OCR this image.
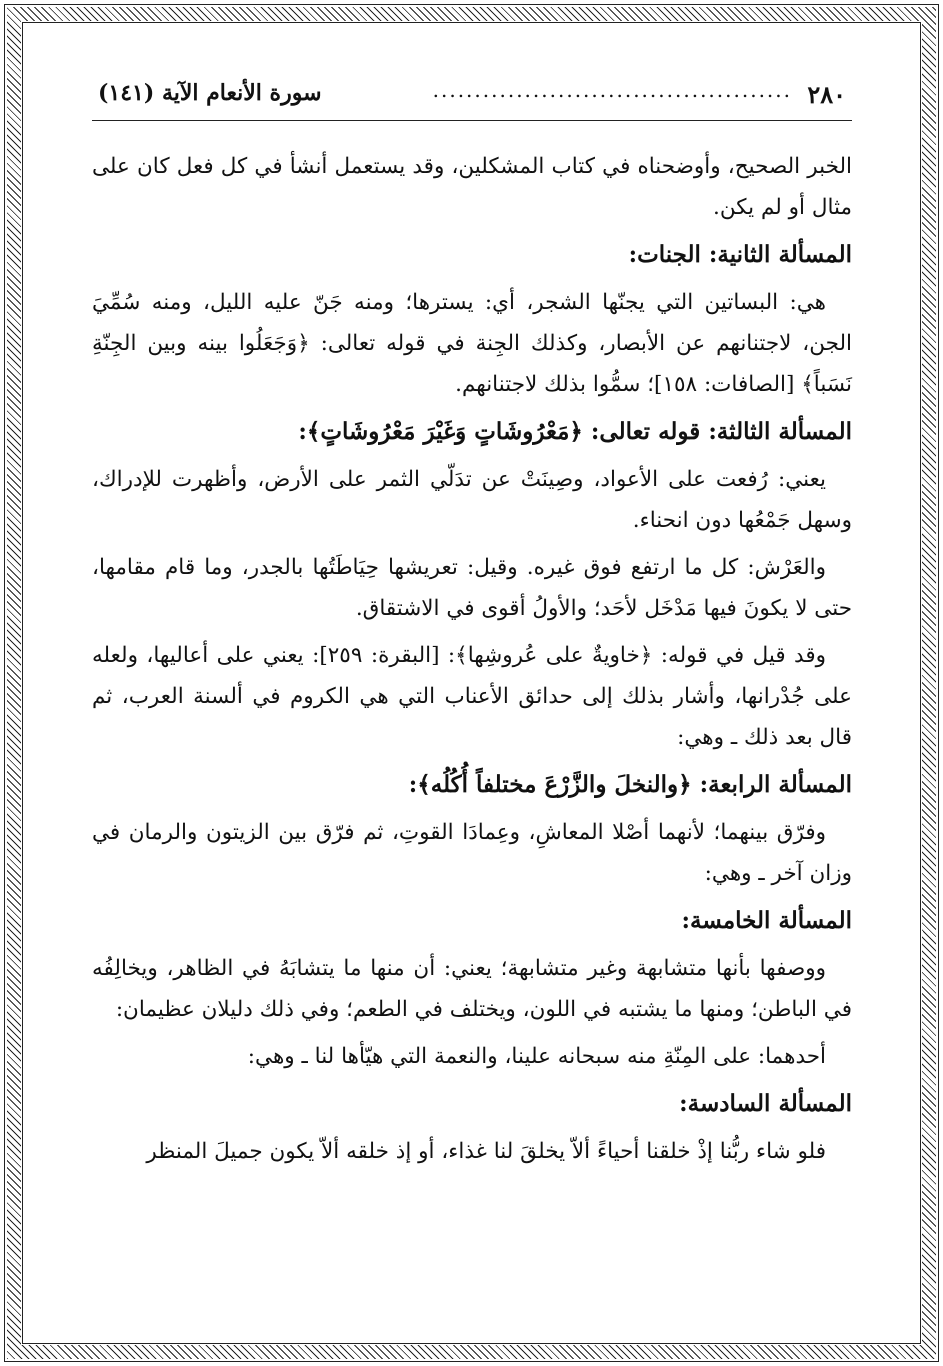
٢٨٠
...........................................
سورة الأنعام الآية (١٤١)

الخبر الصحيح، وأوضحناه في كتاب المشكلين، وقد يستعمل أنشأ في كل فعل كان على مثال أو لم يكن.

المسألة الثانية: الجنات:

هي: البساتين التي يجنّها الشجر، أي: يسترها؛ ومنه جَنّ عليه الليل، ومنه سُمِّيَ الجن، لاجتنانهم عن الأبصار، وكذلك الجِنة في قوله تعالى: ﴿وَجَعَلُوا بينه وبين الجِنّةِ نَسَباً﴾ [الصافات: ١٥٨]؛ سمُّوا بذلك لاجتنانهم.

المسألة الثالثة: قوله تعالى: ﴿مَعْرُوشَاتٍ وَغَيْرَ مَعْرُوشَاتٍ﴾:

يعني: رُفعت على الأعواد، وصِينَتْ عن تدَلّي الثمر على الأرض، وأظهرت للإدراك، وسهل جَمْعُها دون انحناء.

والعَرْش: كل ما ارتفع فوق غيره. وقيل: تعريشها حِيَاطَتُها بالجدر، وما قام مقامها، حتى لا يكونَ فيها مَدْخَل لأحَد؛ والأولُ أقوى في الاشتقاق.

وقد قيل في قوله: ﴿خاويةٌ على عُروشِها﴾: [البقرة: ٢٥٩]: يعني على أعاليها، ولعله على جُدْرانها، وأشار بذلك إلى حدائق الأعناب التي هي الكروم في ألسنة العرب، ثم قال بعد ذلك ـ وهي:

المسألة الرابعة: ﴿والنخلَ والزَّرْعَ مختلفاً أُكُلُه﴾:

وفرّق بينهما؛ لأنهما أصْلا المعاشِ، وعِمادَا القوتِ، ثم فرّق بين الزيتون والرمان في وزان آخر ـ وهي:

المسألة الخامسة:

ووصفها بأنها متشابهة وغير متشابهة؛ يعني: أن منها ما يتشابَهُ في الظاهر، ويخالِفُه في الباطن؛ ومنها ما يشتبه في اللون، ويختلف في الطعم؛ وفي ذلك دليلان عظيمان:

أحدهما: على المِنّةِ منه سبحانه علينا، والنعمة التي هيّأها لنا ـ وهي:

المسألة السادسة:

فلو شاء ربُّنا إذْ خلقنا أحياءً ألاّ يخلقَ لنا غذاء، أو إذ خلقه ألاّ يكون جميلَ المنظر
